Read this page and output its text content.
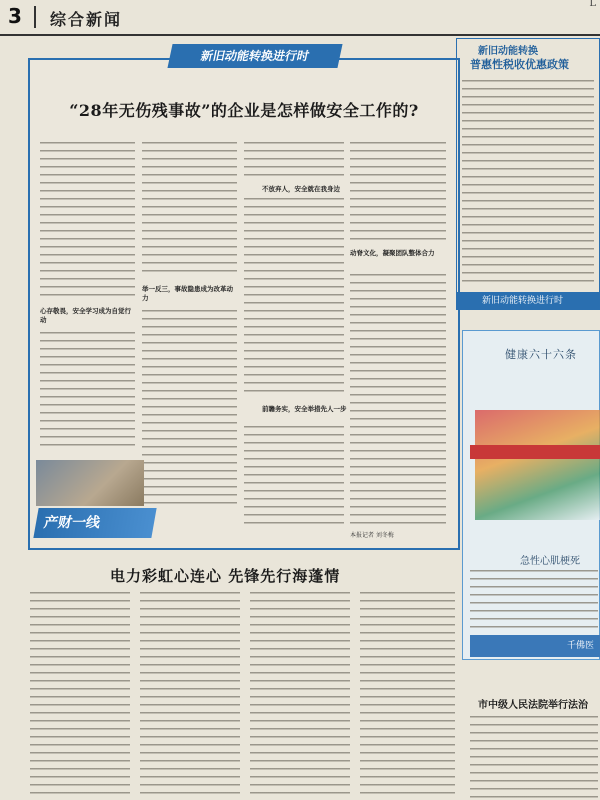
3 综合新闻
L
新旧动能转换进行时
“28年无伤残事故”的企业是怎样做安全工作的?
心存敬畏，安全学习成为自觉行动
举一反三，事故隐患成为改革动力
不放弃人，安全就在我身边
前瞻务实，安全举措先人一步
动脊文化，凝聚团队整体合力
产财一线
本报记者 刘冬梅
电力彩虹心连心 先锋先行海蓬情
新旧动能转换
普惠性税收优惠政策
新旧动能转换进行时
健康六十六条
急性心肌梗死
千佛医
市中级人民法院举行法治
